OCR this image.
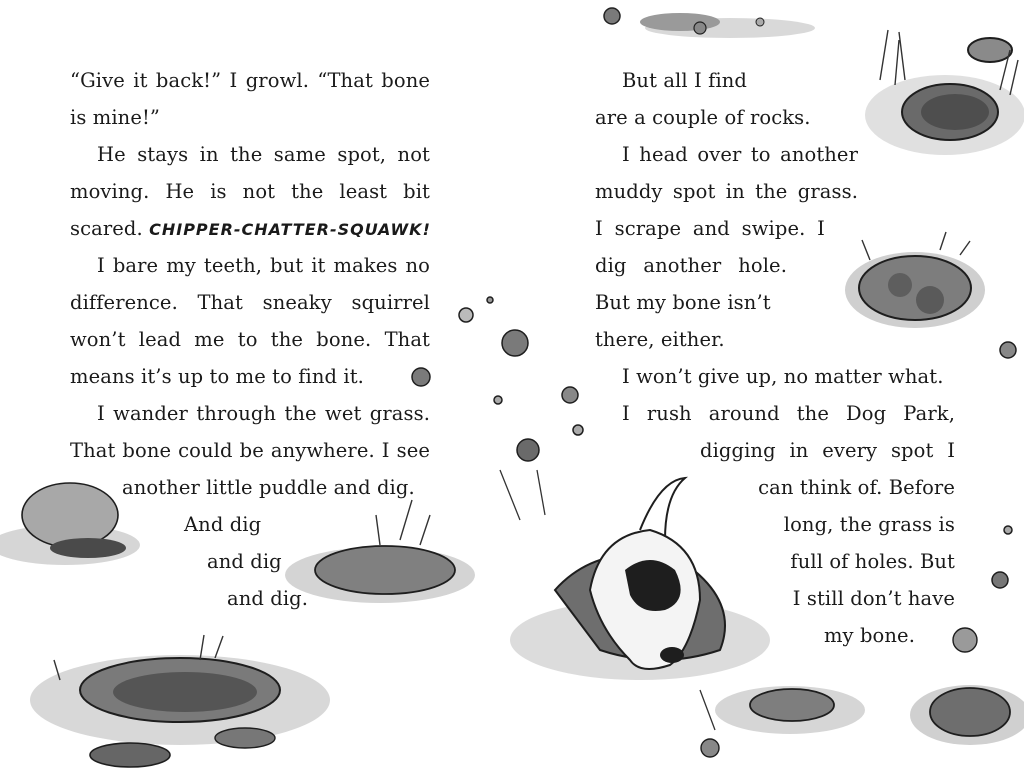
“Give it back!” I growl. “That bone
is mine!”
He stays in the same spot, not
moving. He is not the least bit
scared. CHIPPER-CHATTER-SQUAWK!
I bare my teeth, but it makes no
difference. That sneaky squirrel
won’t lead me to the bone. That
means it’s up to me to find it.
I wander through the wet grass.
That bone could be anywhere. I see
another little puddle and dig.
And dig
and dig
and dig.
But all I find
are a couple of rocks.
I head over to another
muddy spot in the grass.
I scrape and swipe. I
dig another hole.
But my bone isn’t
there, either.
I won’t give up, no matter what.
I rush around the Dog Park,
digging in every spot I
can think of. Before
long, the grass is
full of holes. But
I still don’t have
my bone.
